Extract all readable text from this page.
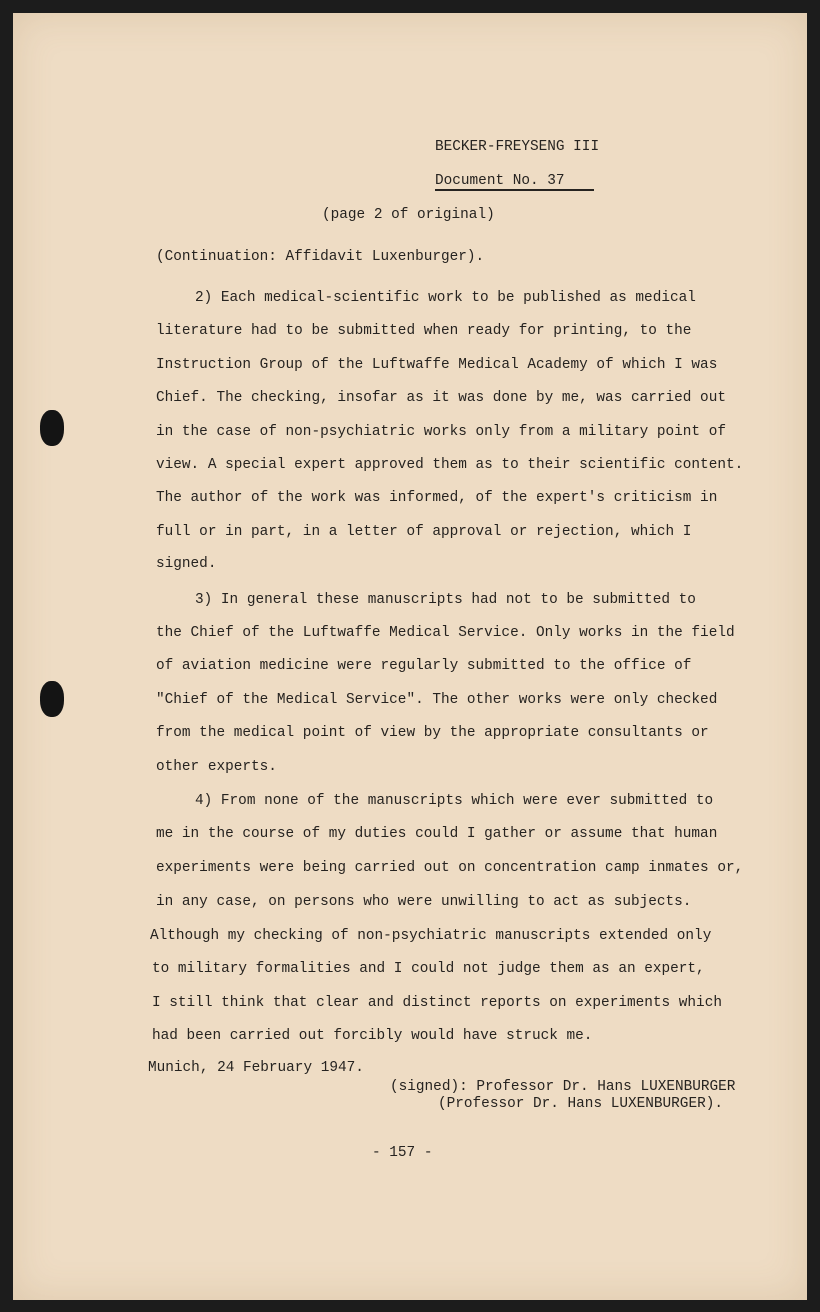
BECKER-FREYSENG III
Document No. 37
(page 2 of original)
(Continuation: Affidavit Luxenburger).
2) Each medical-scientific work to be published as medical
literature had to be submitted when ready for printing, to the
Instruction Group of the Luftwaffe Medical Academy of which I was
Chief. The checking, insofar as it was done by me, was carried out
in the case of non-psychiatric works only from a military point of
view. A special expert approved them as to their scientific content.
The author of the work was informed, of the expert's criticism in
full or in part, in a letter of approval or rejection, which I
signed.
3) In general these manuscripts had not to be submitted to
the Chief of the Luftwaffe Medical Service. Only works in the field
of aviation medicine were regularly submitted to the office of
"Chief of the Medical Service". The other works were only checked
from the medical point of view by the appropriate consultants or
other experts.
4) From none of the manuscripts which were ever submitted to
me in the course of my duties could I gather or assume that human
experiments were being carried out on concentration camp inmates or,
in any case, on persons who were unwilling to act as subjects.
Although my checking of non-psychiatric manuscripts extended only
to military formalities and I could not judge them as an expert,
I still think that clear and distinct reports on experiments which
had been carried out forcibly would have struck me.
Munich, 24 February 1947.
(signed): Professor Dr. Hans LUXENBURGER
(Professor Dr. Hans LUXENBURGER).
- 157 -
